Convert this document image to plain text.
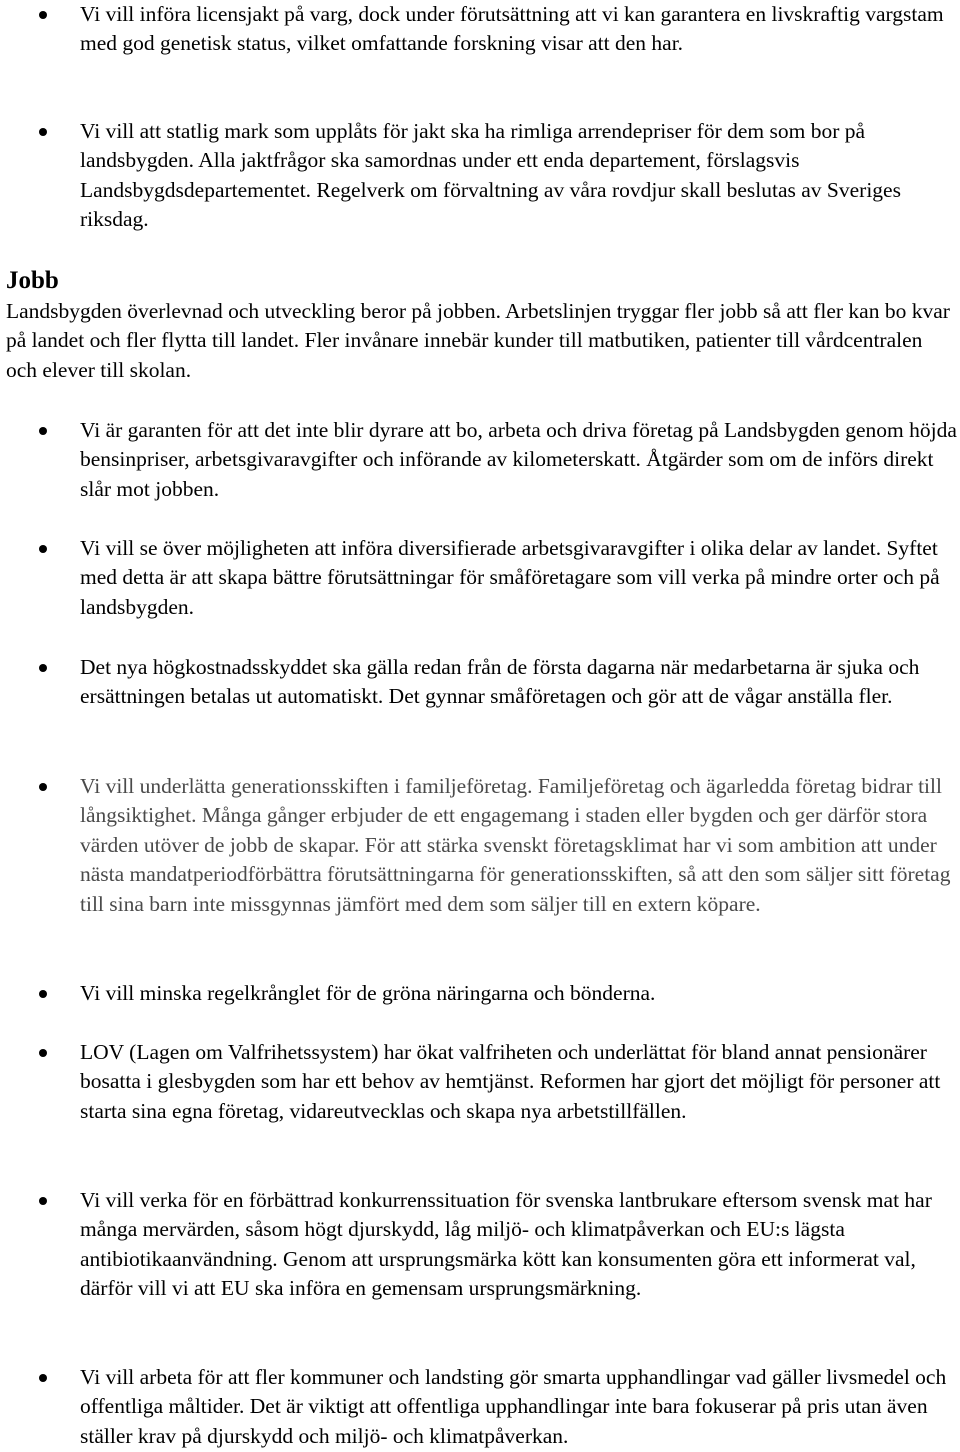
Vi vill införa licensjakt på varg, dock under förutsättning att vi kan garantera en livskraftig vargstam med god genetisk status, vilket omfattande forskning visar att den har.
Vi vill att statlig mark som upplåts för jakt ska ha rimliga arrendepriser för dem som bor på landsbygden. Alla jaktfrågor ska samordnas under ett enda departement, förslagsvis Landsbygdsdepartementet. Regelverk om förvaltning av våra rovdjur skall beslutas av Sveriges riksdag.
Jobb
Landsbygden överlevnad och utveckling beror på jobben. Arbetslinjen tryggar fler jobb så att fler kan bo kvar på landet och fler flytta till landet. Fler invånare innebär kunder till matbutiken, patienter till vårdcentralen och elever till skolan.
Vi är garanten för att det inte blir dyrare att bo, arbeta och driva företag på Landsbygden genom höjda bensinpriser, arbetsgivaravgifter och införande av kilometerskatt. Åtgärder som om de införs direkt slår mot jobben.
Vi vill se över möjligheten att införa diversifierade arbetsgivaravgifter i olika delar av landet. Syftet med detta är att skapa bättre förutsättningar för småföretagare som vill verka på mindre orter och på landsbygden.
Det nya högkostnadsskyddet ska gälla redan från de första dagarna när medarbetarna är sjuka och ersättningen betalas ut automatiskt. Det gynnar småföretagen och gör att de vågar anställa fler.
Vi vill underlätta generationsskiften i familjeföretag. Familjeföretag och ägarledda företag bidrar till långsiktighet. Många gånger erbjuder de ett engagemang i staden eller bygden och ger därför stora värden utöver de jobb de skapar. För att stärka svenskt företagsklimat har vi som ambition att under nästa mandatperiodförbättra förutsättningarna för generationsskiften, så att den som säljer sitt företag till sina barn inte missgynnas jämfört med dem som säljer till en extern köpare.
Vi vill minska regelkrånglet för de gröna näringarna och bönderna.
LOV (Lagen om Valfrihetssystem) har ökat valfriheten och underlättat för bland annat pensionärer bosatta i glesbygden som har ett behov av hemtjänst. Reformen har gjort det möjligt för personer att starta sina egna företag, vidareutvecklas och skapa nya arbetstillfällen.
Vi vill verka för en förbättrad konkurrenssituation för svenska lantbrukare eftersom svensk mat har många mervärden, såsom högt djurskydd, låg miljö- och klimatpåverkan och EU:s lägsta antibiotikaanvändning. Genom att ursprungsmärka kött kan konsumenten göra ett informerat val, därför vill vi att EU ska införa en gemensam ursprungsmärkning.
Vi vill arbeta för att fler kommuner och landsting gör smarta upphandlingar vad gäller livsmedel och offentliga måltider. Det är viktigt att offentliga upphandlingar inte bara fokuserar på pris utan även ställer krav på djurskydd och miljö- och klimatpåverkan.
